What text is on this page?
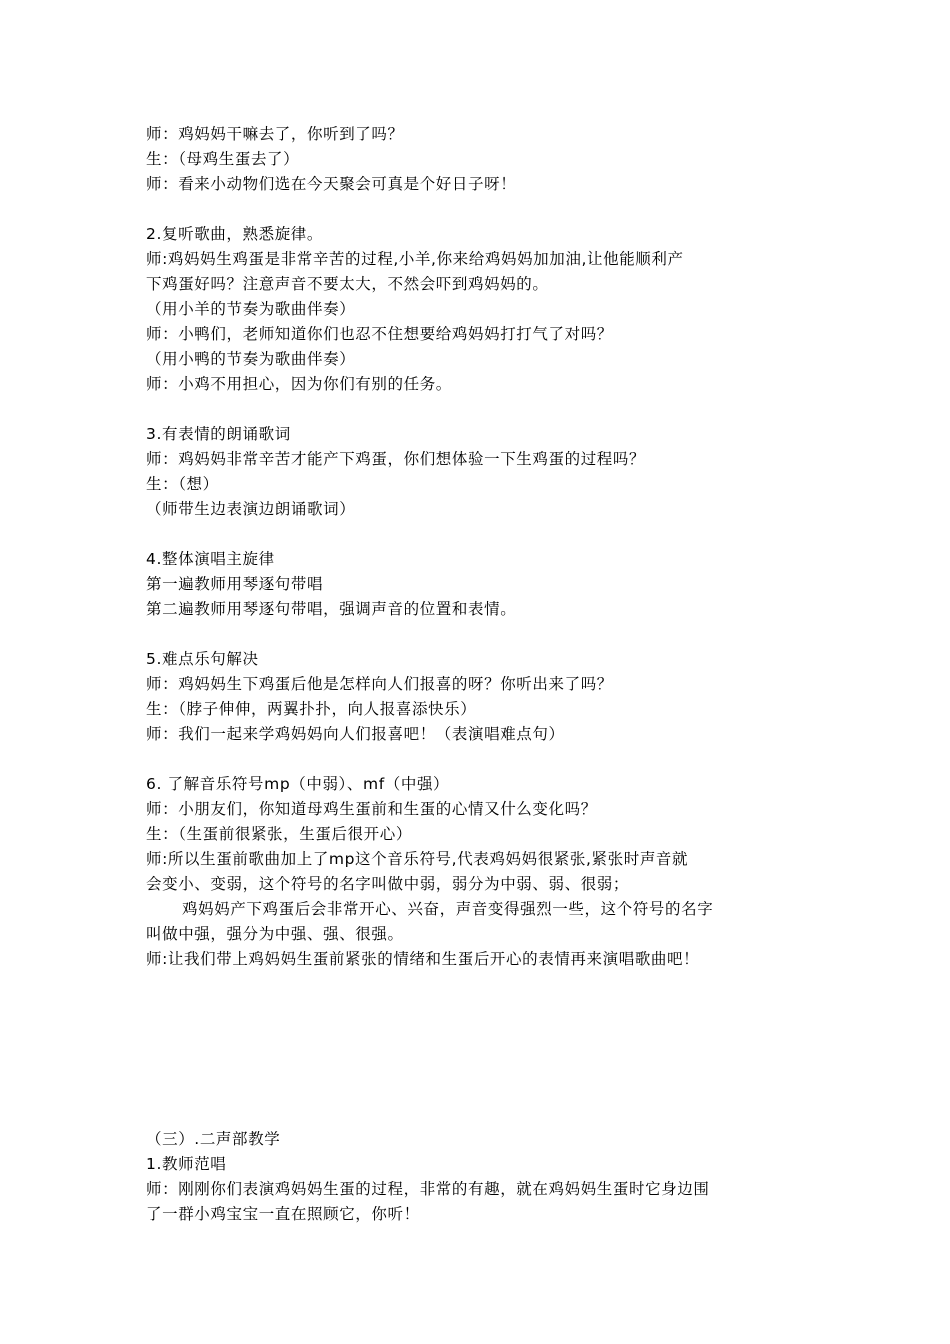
师：鸡妈妈干嘛去了，你听到了吗？
生：（母鸡生蛋去了）
师：看来小动物们选在今天聚会可真是个好日子呀！
2.复听歌曲，熟悉旋律。
师:鸡妈妈生鸡蛋是非常辛苦的过程,小羊,你来给鸡妈妈加加油,让他能顺利产
下鸡蛋好吗？注意声音不要太大，不然会吓到鸡妈妈的。
（用小羊的节奏为歌曲伴奏）
师：小鸭们，老师知道你们也忍不住想要给鸡妈妈打打气了对吗？
（用小鸭的节奏为歌曲伴奏）
师：小鸡不用担心，因为你们有别的任务。
3.有表情的朗诵歌词
师：鸡妈妈非常辛苦才能产下鸡蛋，你们想体验一下生鸡蛋的过程吗？
生：（想）
（师带生边表演边朗诵歌词）
4.整体演唱主旋律
第一遍教师用琴逐句带唱
第二遍教师用琴逐句带唱，强调声音的位置和表情。
5.难点乐句解决
师：鸡妈妈生下鸡蛋后他是怎样向人们报喜的呀？你听出来了吗？
生：（脖子伸伸，两翼扑扑，向人报喜添快乐）
师：我们一起来学鸡妈妈向人们报喜吧！（表演唱难点句）
6. 了解音乐符号mp（中弱）、mf（中强）
师：小朋友们，你知道母鸡生蛋前和生蛋的心情又什么变化吗？
生：（生蛋前很紧张，生蛋后很开心）
师:所以生蛋前歌曲加上了mp这个音乐符号,代表鸡妈妈很紧张,紧张时声音就
会变小、变弱，这个符号的名字叫做中弱，弱分为中弱、弱、很弱；
鸡妈妈产下鸡蛋后会非常开心、兴奋，声音变得强烈一些，这个符号的名字
叫做中强，强分为中强、强、很强。
师:让我们带上鸡妈妈生蛋前紧张的情绪和生蛋后开心的表情再来演唱歌曲吧！
（三）.二声部教学
1.教师范唱
师：刚刚你们表演鸡妈妈生蛋的过程，非常的有趣，就在鸡妈妈生蛋时它身边围
了一群小鸡宝宝一直在照顾它，你听！
